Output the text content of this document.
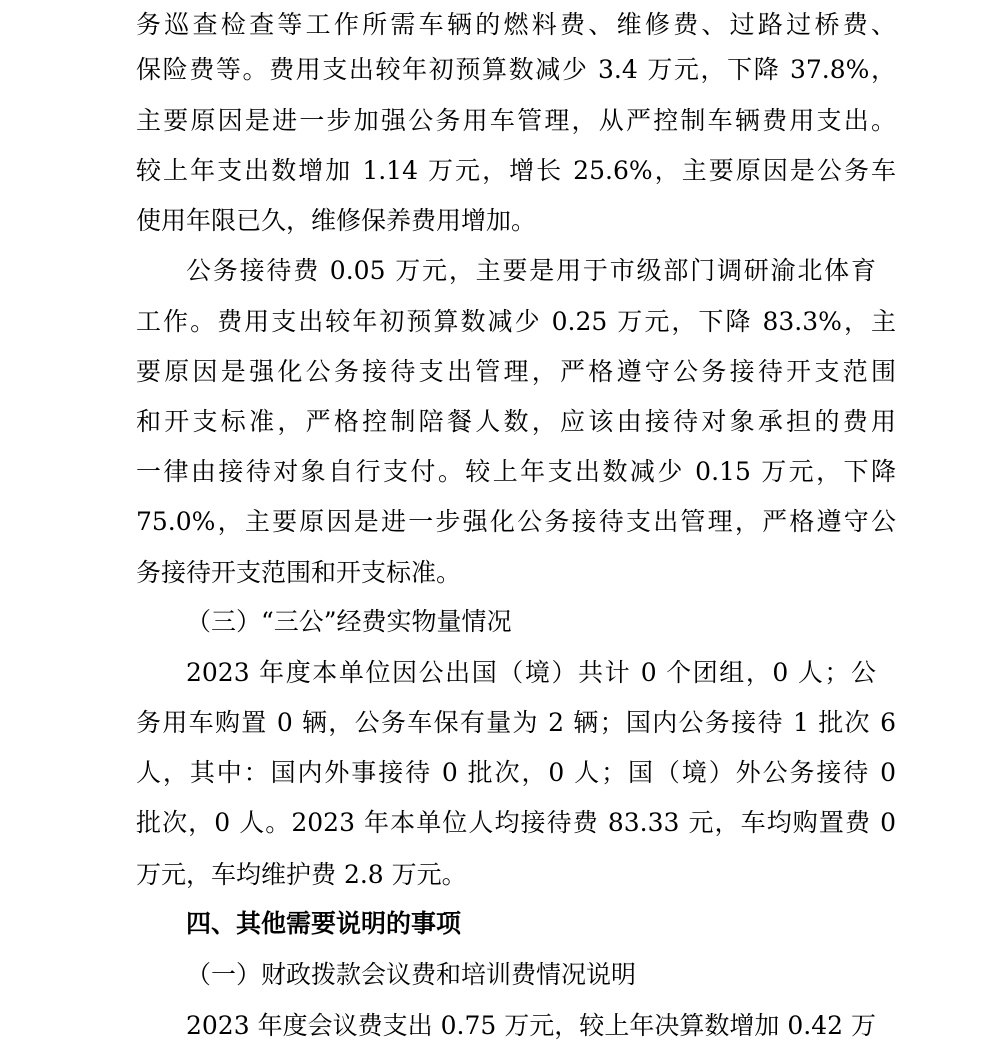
务巡查检查等工作所需车辆的燃料费、维修费、过路过桥费、
保险费等。费用支出较年初预算数减少 3.4 万元，下降 37.8%，
主要原因是进一步加强公务用车管理，从严控制车辆费用支出。
较上年支出数增加 1.14 万元，增长 25.6%，主要原因是公务车
使用年限已久，维修保养费用增加。
公务接待费 0.05 万元，主要是用于市级部门调研渝北体育
工作。费用支出较年初预算数减少 0.25 万元，下降 83.3%，主
要原因是强化公务接待支出管理，严格遵守公务接待开支范围
和开支标准，严格控制陪餐人数，应该由接待对象承担的费用
一律由接待对象自行支付。较上年支出数减少 0.15 万元，下降
75.0%，主要原因是进一步强化公务接待支出管理，严格遵守公
务接待开支范围和开支标准。
（三）“三公”经费实物量情况
2023 年度本单位因公出国（境）共计 0 个团组，0 人；公
务用车购置 0 辆，公务车保有量为 2 辆；国内公务接待 1 批次 6
人，其中：国内外事接待 0 批次，0 人；国（境）外公务接待 0
批次，0 人。2023 年本单位人均接待费 83.33 元，车均购置费 0
万元，车均维护费 2.8 万元。
四、其他需要说明的事项
（一）财政拨款会议费和培训费情况说明
2023 年度会议费支出 0.75 万元，较上年决算数增加 0.42 万
